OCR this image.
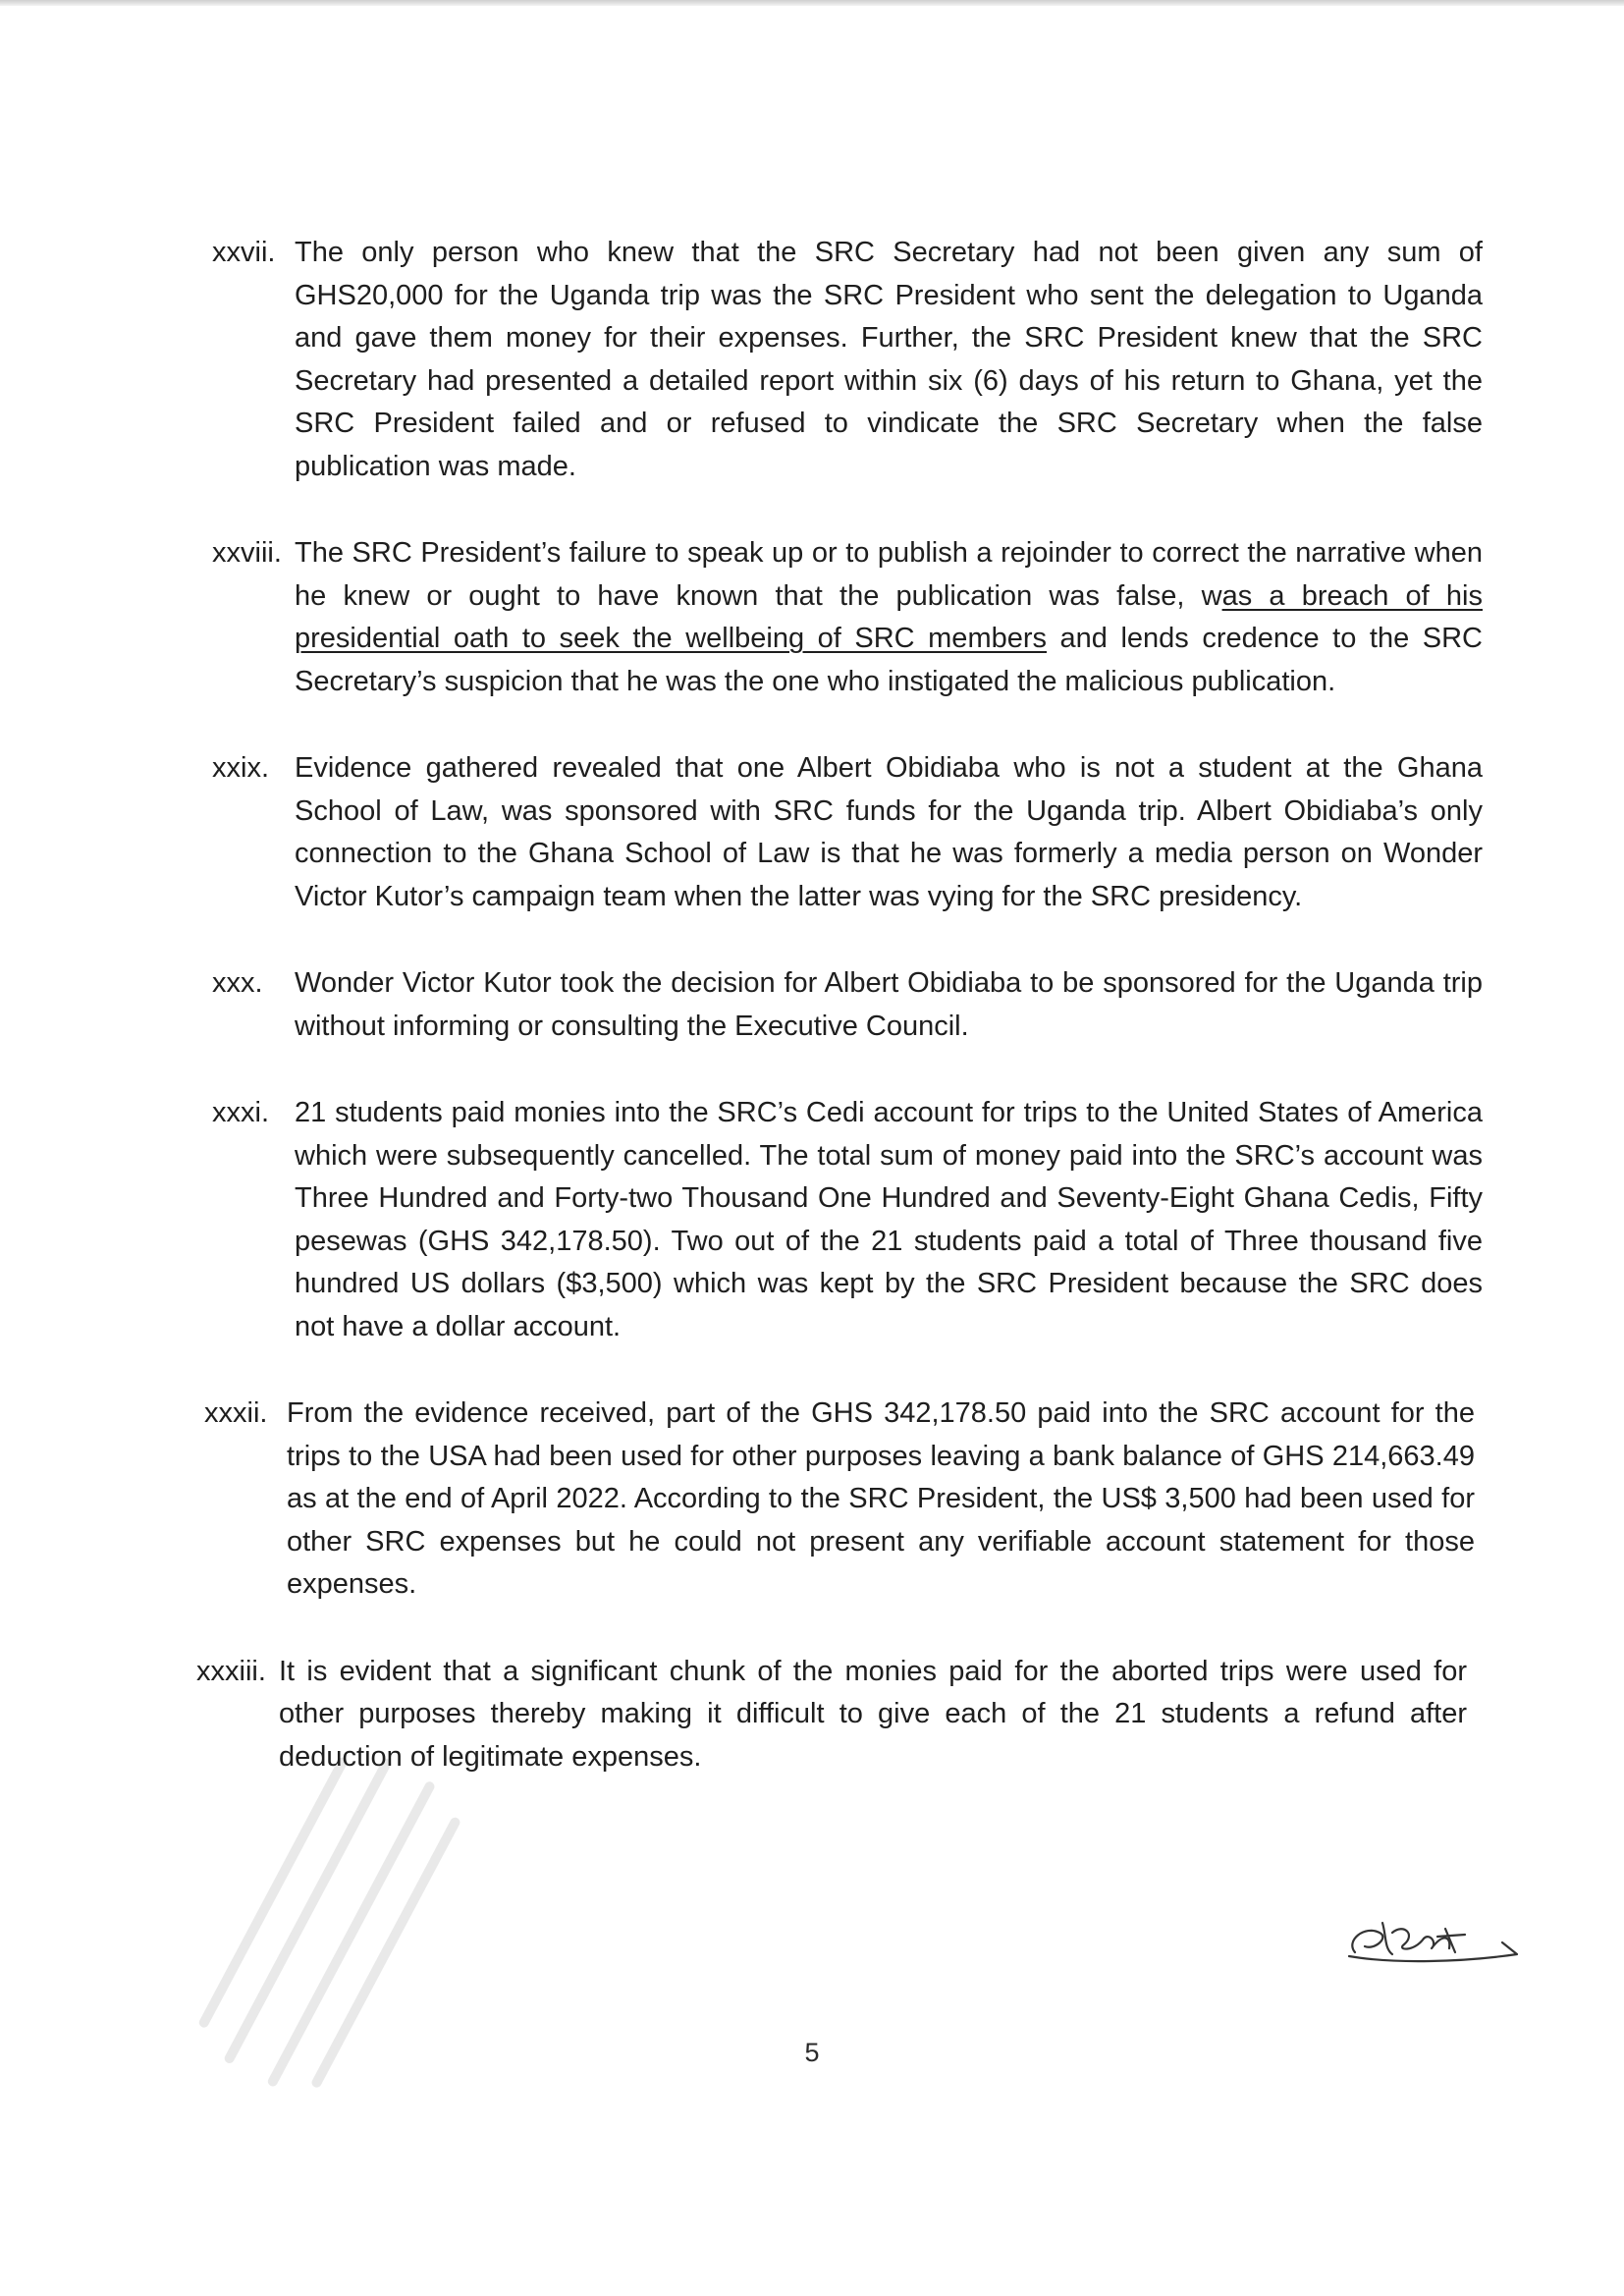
xxvii. The only person who knew that the SRC Secretary had not been given any sum of GHS20,000 for the Uganda trip was the SRC President who sent the delegation to Uganda and gave them money for their expenses. Further, the SRC President knew that the SRC Secretary had presented a detailed report within six (6) days of his return to Ghana, yet the SRC President failed and or refused to vindicate the SRC Secretary when the false publication was made.
xxviii. The SRC President’s failure to speak up or to publish a rejoinder to correct the narrative when he knew or ought to have known that the publication was false, was a breach of his presidential oath to seek the wellbeing of SRC members and lends credence to the SRC Secretary’s suspicion that he was the one who instigated the malicious publication.
xxix. Evidence gathered revealed that one Albert Obidiaba who is not a student at the Ghana School of Law, was sponsored with SRC funds for the Uganda trip. Albert Obidiaba’s only connection to the Ghana School of Law is that he was formerly a media person on Wonder Victor Kutor’s campaign team when the latter was vying for the SRC presidency.
xxx. Wonder Victor Kutor took the decision for Albert Obidiaba to be sponsored for the Uganda trip without informing or consulting the Executive Council.
xxxi. 21 students paid monies into the SRC’s Cedi account for trips to the United States of America which were subsequently cancelled. The total sum of money paid into the SRC’s account was Three Hundred and Forty-two Thousand One Hundred and Seventy-Eight Ghana Cedis, Fifty pesewas (GHS 342,178.50). Two out of the 21 students paid a total of Three thousand five hundred US dollars ($3,500) which was kept by the SRC President because the SRC does not have a dollar account.
xxxii. From the evidence received, part of the GHS 342,178.50 paid into the SRC account for the trips to the USA had been used for other purposes leaving a bank balance of GHS 214,663.49 as at the end of April 2022. According to the SRC President, the US$ 3,500 had been used for other SRC expenses but he could not present any verifiable account statement for those expenses.
xxxiii. It is evident that a significant chunk of the monies paid for the aborted trips were used for other purposes thereby making it difficult to give each of the 21 students a refund after deduction of legitimate expenses.
5
